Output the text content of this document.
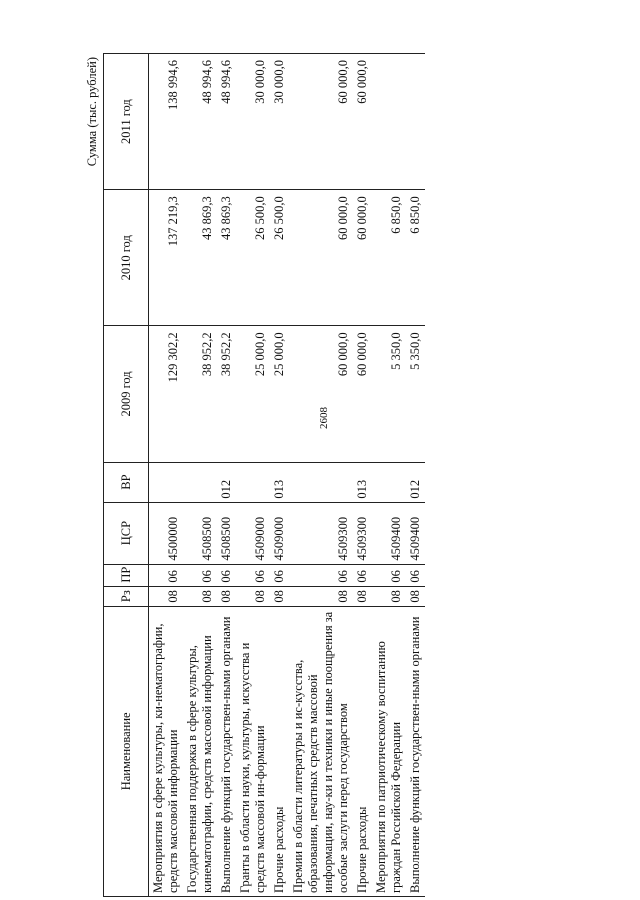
2608
Сумма (тыс. рублей)
Наименование	Рз	ПР	ЦСР	ВР	2009 год	2010 год	2011 год
Мероприятия в сфере культуры, ки-нематографии, средств массовой информации	08	06	4500000		129 302,2	137 219,3	138 994,6
Государственная поддержка в сфере культуры, кинематографии, средств массовой информации	08	06	4508500		38 952,2	43 869,3	48 994,6
Выполнение функций государствен-ными органами	08	06	4508500	012	38 952,2	43 869,3	48 994,6
Гранты в области науки, культуры, искусства и средств массовой ин-формации	08	06	4509000		25 000,0	26 500,0	30 000,0
Прочие расходы	08	06	4509000	013	25 000,0	26 500,0	30 000,0
Премии в области литературы и ис-кусства, образования, печатных средств массовой информации, нау-ки и техники и иные поощрения за особые заслуги перед государством	08	06	4509300		60 000,0	60 000,0	60 000,0
Прочие расходы	08	06	4509300	013	60 000,0	60 000,0	60 000,0
Мероприятия по патриотическому воспитанию граждан Российской Федерации	08	06	4509400		5 350,0	6 850,0	
Выполнение функций государствен-ными органами	08	06	4509400	012	5 350,0	6 850,0	
